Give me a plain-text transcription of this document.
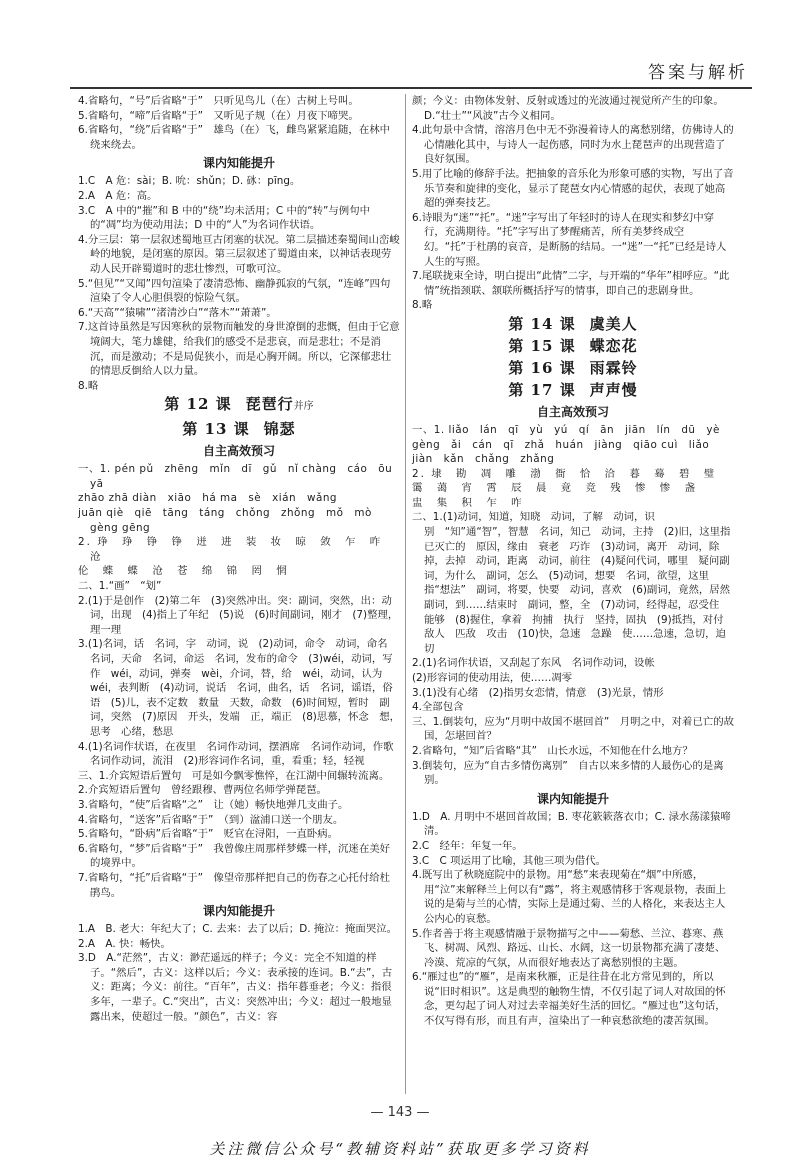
答案与解析

4.省略句，“号”后省略“于”　只听见鸟儿（在）古树上号叫。

5.省略句，“啼”后省略“于”　又听见子规（在）月夜下啼哭。

6.省略句，“绕”后省略“于”　雄鸟（在）飞，雌鸟紧紧追随，在林中绕来绕去。

课内知能提升

1.C　A 危：sài；B. 吮：shǔn；D. 砯：pīng。

2.A　A 危：高。

3.C　A 中的“摧”和 B 中的“绕”均未活用；C 中的“转”与例句中的“凋”均为使动用法；D 中的“人”为名词作状语。

4.分三层：第一层叙述蜀地亘古闭塞的状况。第二层描述秦蜀间山峦峻岭的地貌，是闭塞的原因。第三层叙述了蜀道由来，以神话表现劳动人民开辟蜀道时的悲壮惨烈，可歌可泣。

5.“但见”“又闻”四句渲染了凄清恐怖、幽静孤寂的气氛，“连峰”四句渲染了令人心胆俱裂的惊险气氛。

6.“天高”“猿啸”“渚清沙白”“落木”“萧萧”。

7.这首诗虽然是写因寒秋的景物而触发的身世潦倒的悲慨，但由于它意境阔大，笔力雄健，给我们的感受不是悲哀，而是悲壮；不是消沉，而是激动；不是局促狭小，而是心胸开阔。所以，它深郁悲壮的情思反倒给人以力量。

8.略

第 12 课 琵琶行并序
第 13 课 锦瑟
自主高效预习

一、1. pén pǔ　zhēng　mǐn　dī　gǔ　nǐ chàng　cáo　ōu yā

zhāo zhā diàn　xiāo　há ma　sè　xián　wǎng

juān qiè　qiē　tāng　táng　chǒng　zhǒng　mǒ　mò　gèng gēng

2. 琤　琤　铮　铮　迸　进　装　妆　晾　敛　乍　咋　沧

伦　蝶　蝶　沧　苍　绵　锦　罔　惘

二、1.“画”　“划”

2.(1)于是创作　(2)第二年　(3)突然冲出。突：副词，突然，出：动词，出现　(4)指上了年纪　(5)说　(6)时间副词，刚才　(7)整理，理一理

3.(1)名词，话　名词，字　动词，说　(2)动词，命令　动词，命名　名词，天命　名词，命运　名词，发布的命令　(3)wéi，动词，写作　wéi，动词，弹奏　wèi，介词，替，给　wéi，动词，认为　wéi，表判断　(4)动词，说话　名词，曲名，话　名词，谣语，俗语　(5)儿，表不定数　数量　天数，命数　(6)时间短，暂时　副词，突然　(7)原因　开头，发端　正，端正　(8)思慕，怀念　想，思考　心绪，愁思

4.(1)名词作状语，在夜里　名词作动词，摆酒席　名词作动词，作歌　名词作动词，流泪　(2)形容词作名词，重，看重；轻，轻视

三、1.介宾短语后置句　可是如今飘零憔悴，在江湖中间辗转流离。

2.介宾短语后置句　曾经跟穆、曹两位名师学弹琵琶。

3.省略句，“使”后省略“之”　让（她）畅快地弹几支曲子。

4.省略句，“送客”后省略“于”　（到）湓浦口送一个朋友。

5.省略句，“卧病”后省略“于”　贬官在浔阳，一直卧病。

6.省略句，“梦”后省略“于”　我曾像庄周那样梦蝶一样，沉迷在美好的境界中。

7.省略句，“托”后省略“于”　像望帝那样把自己的伤春之心托付给杜鹃鸟。

课内知能提升

1.A　B. 老大：年纪大了；C. 去来：去了以后；D. 掩泣：掩面哭泣。

2.A　A. 快：畅快。

3.D　A.“茫然”，古义：渺茫遥远的样子；今义：完全不知道的样子。“然后”，古义：这样以后；今义：表承接的连词。B.“去”，古义：距离；今义：前往。“百年”，古义：指年暮垂老；今义：指很多年，一辈子。C.“突出”，古义：突然冲出；今义：超过一般地显露出来，使超过一般。“颜色”，古义：容

颜；今义：由物体发射、反射或透过的光波通过视觉所产生的印象。D.“壮士”“风波”古今义相同。

4.此句景中含情，溶溶月色中无不弥漫着诗人的离愁别绪，仿佛诗人的心情融化其中，与诗人一起伤感，同时为水上琵琶声的出现营造了良好氛围。

5.用了比喻的修辞手法。把抽象的音乐化为形象可感的实物，写出了音乐节奏和旋律的变化，显示了琵琶女内心情感的起伏，表现了她高超的弹奏技艺。

6.诗眼为“迷”“托”。“迷”字写出了年轻时的诗人在现实和梦幻中穿行，充满期待。“托”字写出了梦醒痛苦，所有美梦终成空幻。“托”于杜鹃的哀音，是断肠的结局。一“迷”一“托”已经是诗人人生的写照。

7.尾联拢束全诗，明白提出“此情”二字，与开端的“华年”相呼应。“此情”统指颈联、颔联所概括抒写的情事，即自己的悲剧身世。

8.略

第 14 课 虞美人
第 15 课 蝶恋花
第 16 课 雨霖铃
第 17 课 声声慢
自主高效预习

一、1. liǎo　lán　qī　yù　yú　qí　ān　jiān　lín　dū　yè

gèng　ǎi　cán　qī　zhǎ　huán　jiàng　qiāo cuì　liǎo

jiàn　kǎn　chǎng　zhǎng

2. 埭　勘　凋　雕　渤　衙　恰　洽　暮　蓦　碧　璧

霭　蔼　宵　霄　辰　晨　竟　竞　残　惨　惨　盏

盅　集　积　乍　咋

二、1.(1)动词，知道，知晓　动词，了解　动词，识别　“知”通“智”，智慧　名词，知己　动词，主持　(2)旧，这里指已灭亡的　原因，缘由　衰老　巧诈　(3)动词，离开　动词，除掉，去掉　动词，距离　动词，前往　(4)疑问代词，哪里　疑问副词，为什么　副词，怎么　(5)动词，想要　名词，欲望，这里指“想法”　副词，将要，快要　动词，喜欢　(6)副词，竟然，居然　副词，到……结束时　副词，整，全　(7)动词，经得起，忍受住　能够　(8)握住，拿着　拘捕　执行　坚持，固执　(9)抵挡，对付　敌人　匹敌　攻击　(10)快，急速　急躁　使……急速，急切，迫切

2.(1)名词作状语，又刮起了东风　名词作动词，设帐

(2)形容词的使动用法，使……凋零

3.(1)没有心绪　(2)指男女恋情，情意　(3)光景，情形

4.全部包含

三、1.倒装句，应为“月明中故国不堪回首”　月明之中，对着已亡的故国，怎堪回首？

2.省略句，“知”后省略“其”　山长水远，不知他在什么地方？

3.倒装句，应为“自古多情伤离别”　自古以来多情的人最伤心的是离别。

课内知能提升

1.D　A. 月明中不堪回首故国；B. 枣花簌簌落衣巾；C. 渌水荡漾猿啼清。

2.C　经年：年复一年。

3.C　C 项运用了比喻，其他三项为借代。

4.既写出了秋晓庭院中的景物。用“愁”来表现菊在“烟”中所感，用“泣”来解释兰上何以有“露”，将主观感情移于客观景物，表面上说的是菊与兰的心情，实际上是通过菊、兰的人格化，来表达主人公内心的哀愁。

5.作者善于将主观感情融于景物描写之中——菊愁、兰泣、暮寒、燕飞、树凋、风烈、路远、山长、水阔，这一切景物都充满了凄楚、冷漠、荒凉的气氛，从而很好地表达了离愁别恨的主题。

6.“雁过也”的“雁”，是南来秋雁，正是往昔在北方常见到的，所以说“旧时相识”。这是典型的触物生情，不仅引起了词人对故国的怀念，更勾起了词人对过去幸福美好生活的回忆。“雁过也”这句话，不仅写得有形，而且有声，渲染出了一种哀愁欲绝的凄苦氛围。

— 143 —
关注微信公众号“教辅资料站”获取更多学习资料
